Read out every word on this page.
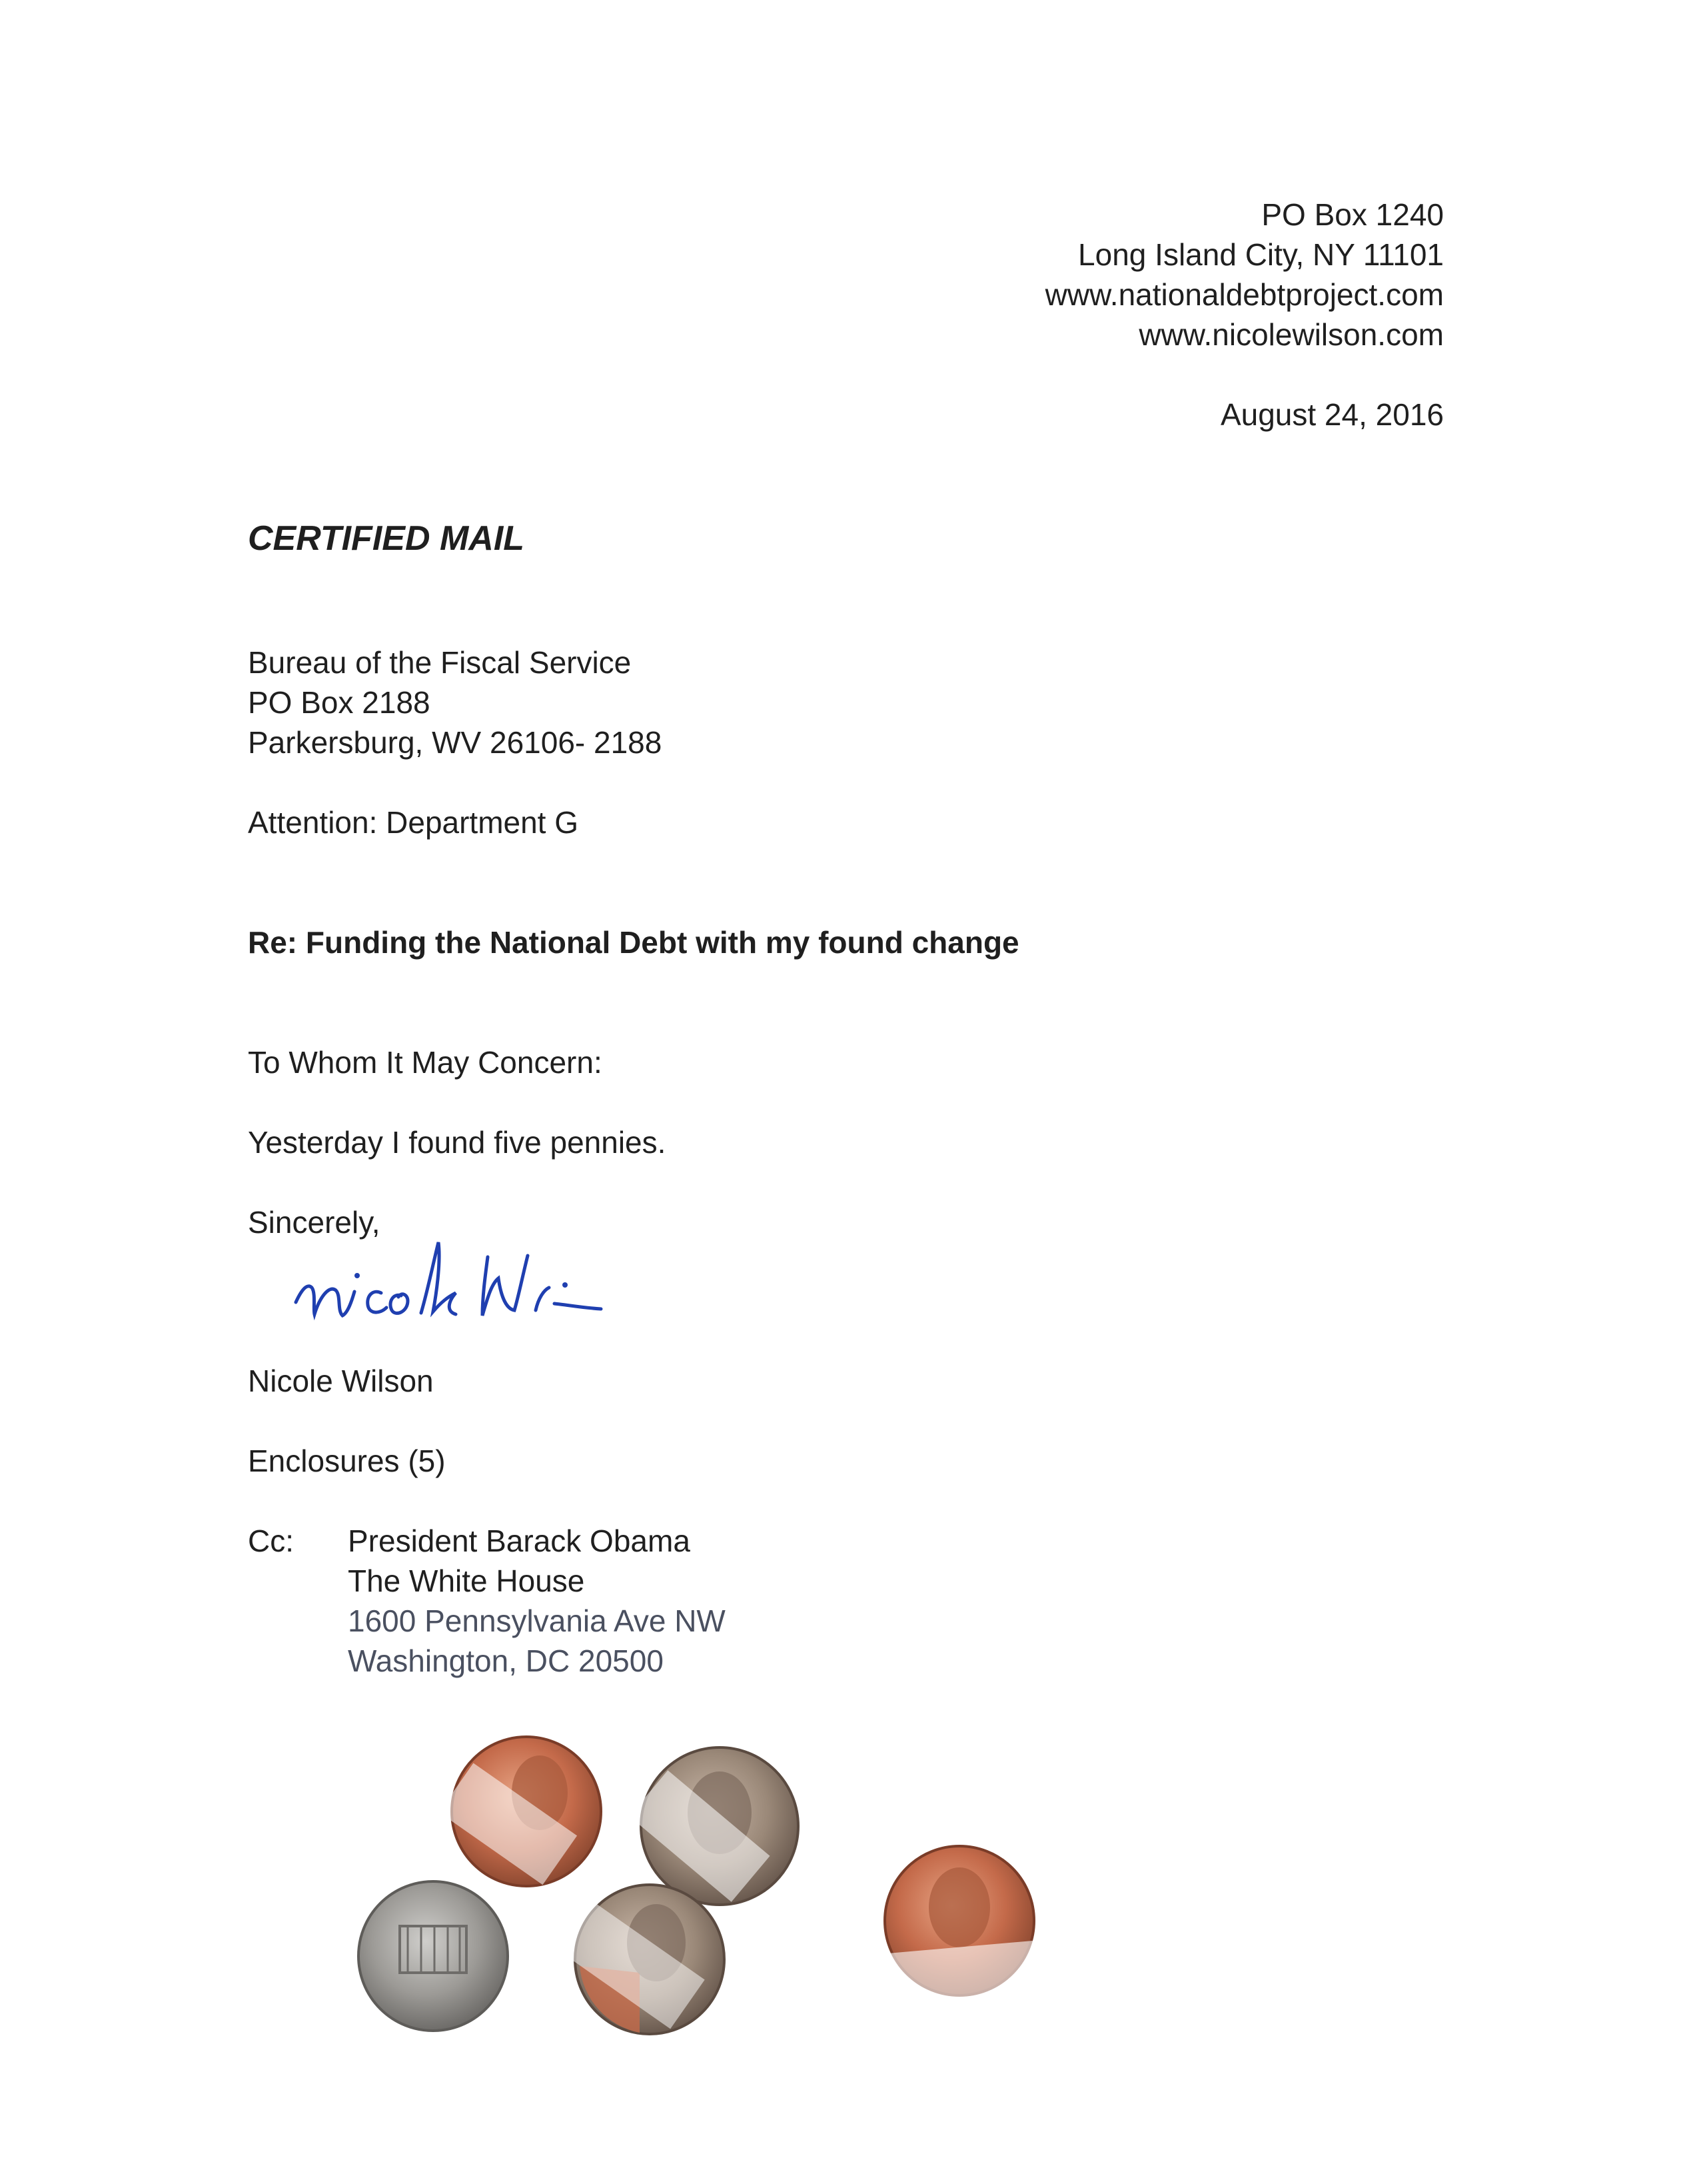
PO Box 1240
Long Island City, NY 11101
www.nationaldebtproject.com
www.nicolewilson.com
August 24, 2016
CERTIFIED MAIL
Bureau of the Fiscal Service
PO Box 2188
Parkersburg, WV 26106- 2188
Attention: Department G
Re: Funding the National Debt with my found change
To Whom It May Concern:
Yesterday I found five pennies.
Sincerely,
Nicole Wilson
Enclosures (5)
Cc: President Barack Obama
The White House
1600 Pennsylvania Ave NW
Washington, DC 20500
